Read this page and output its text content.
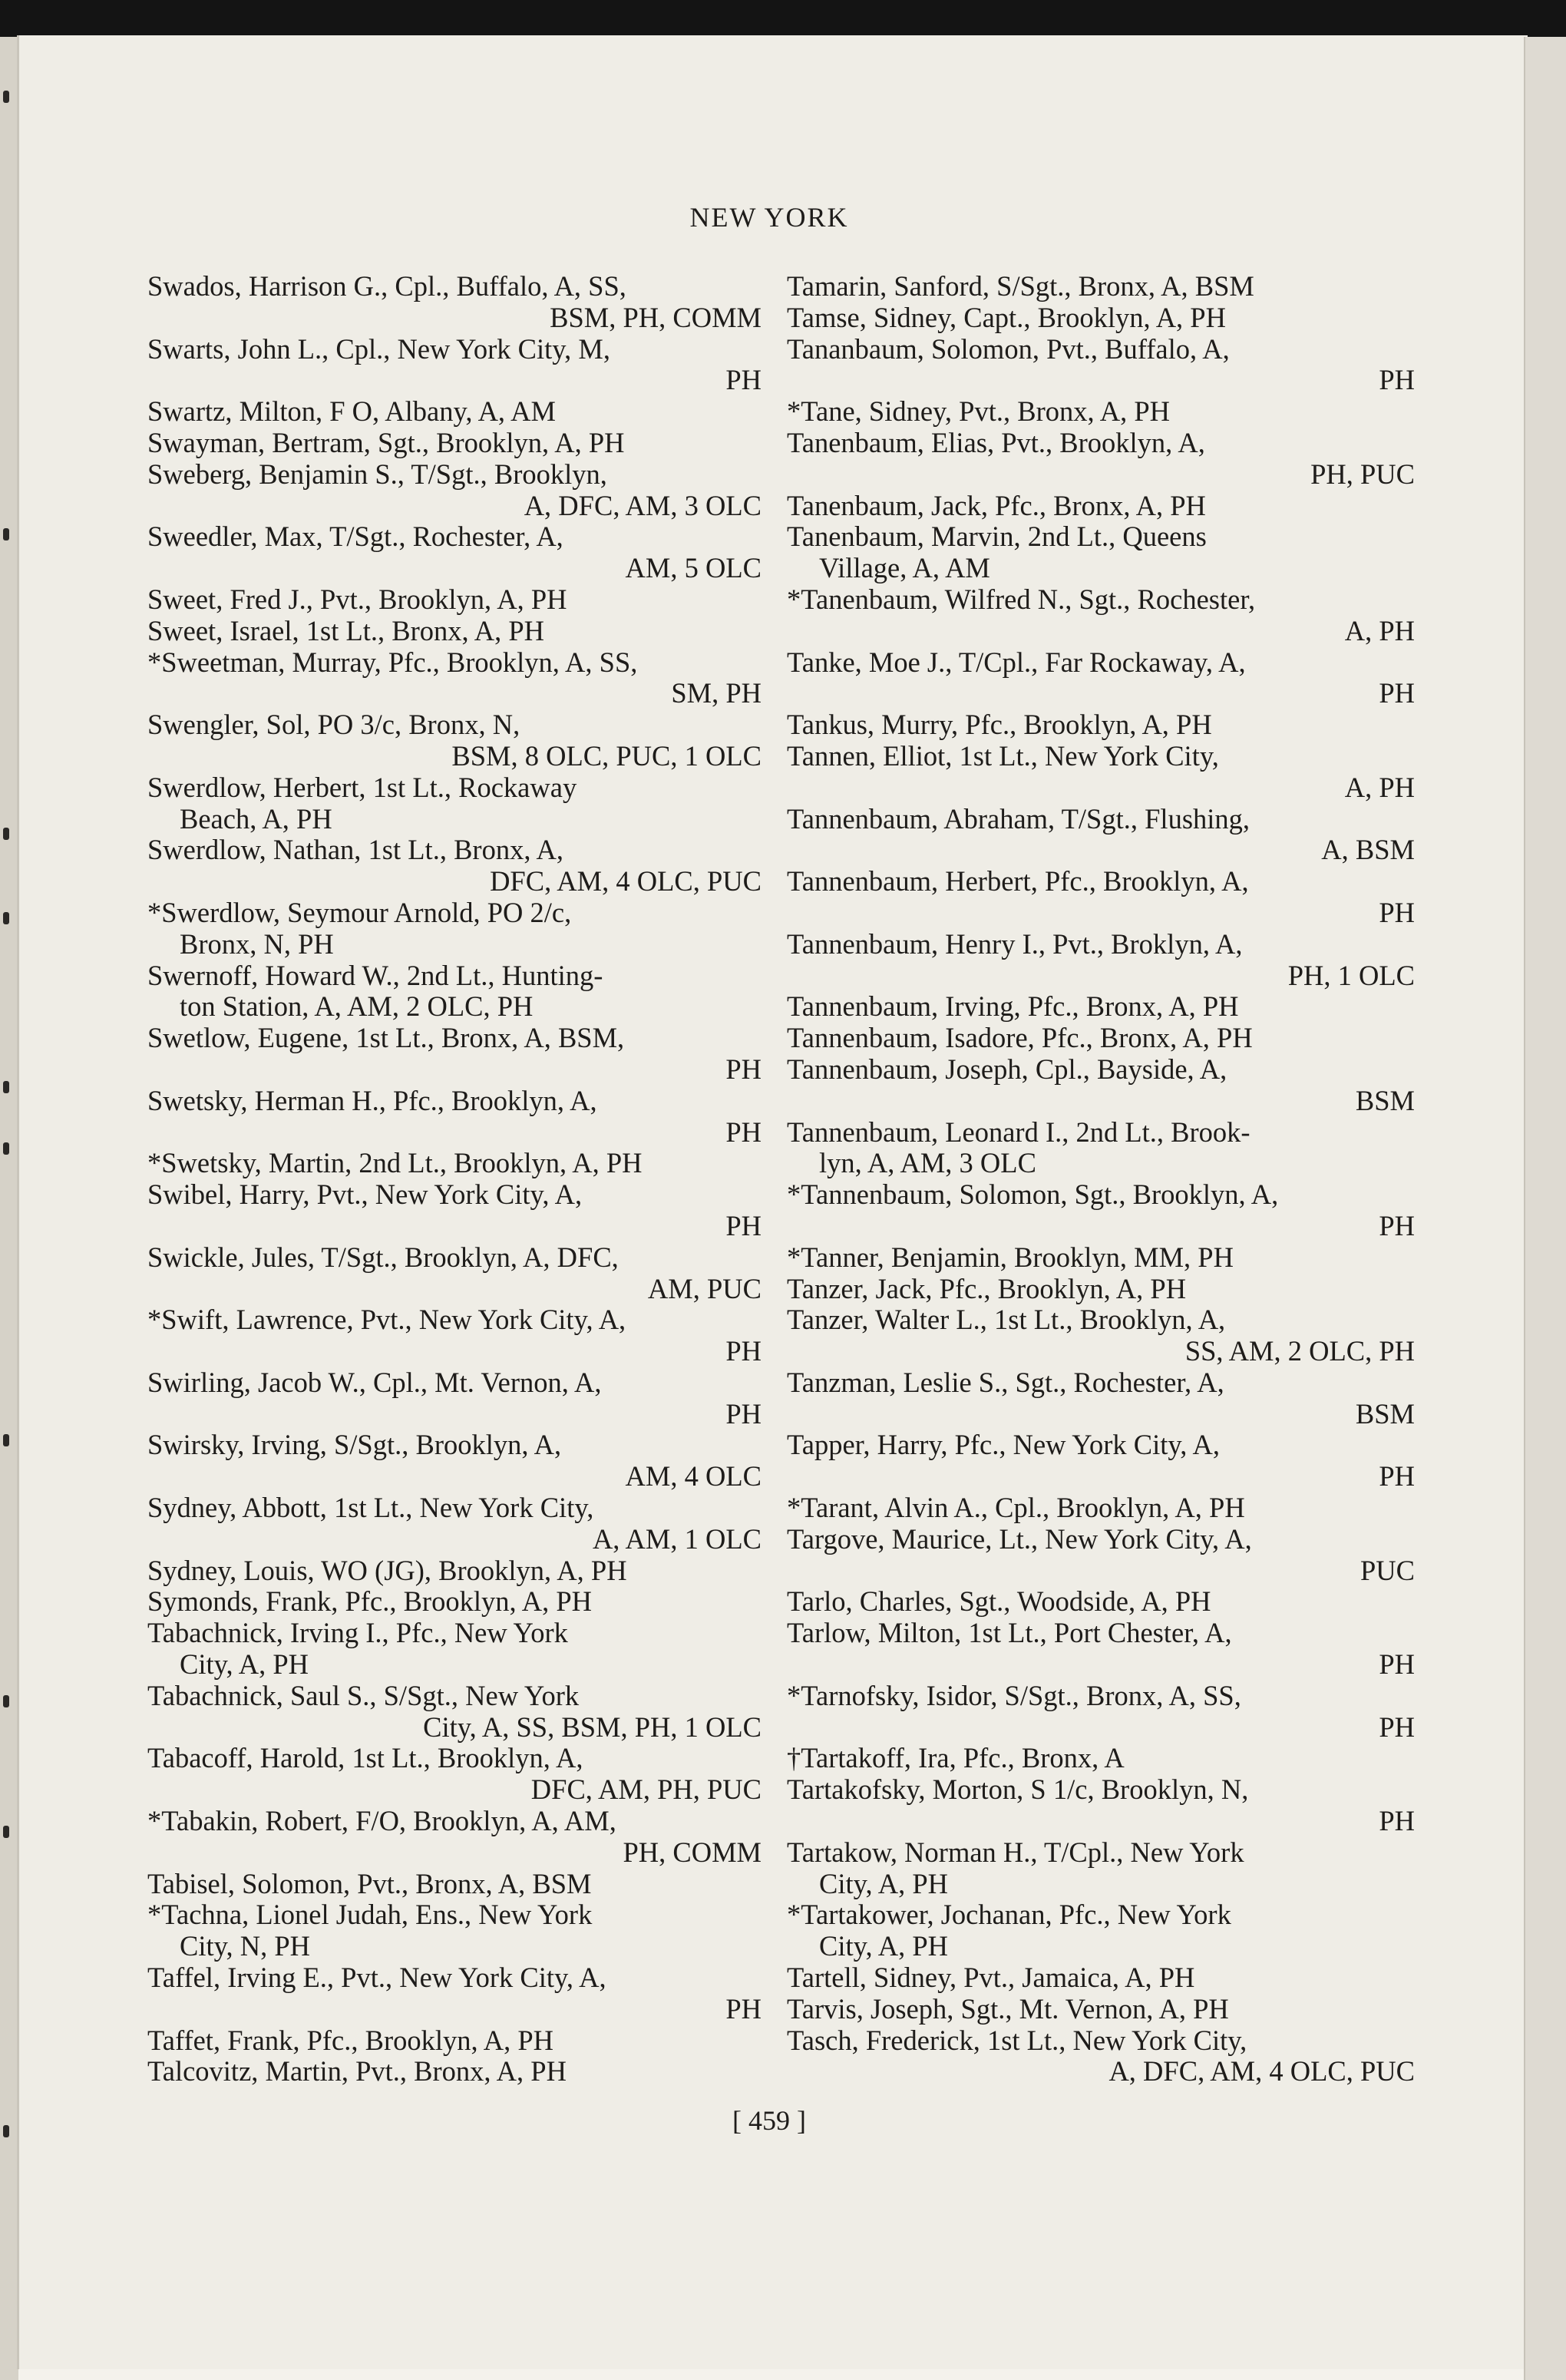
NEW YORK
Swados, Harrison G., Cpl., Buffalo, A, SS,
BSM, PH, COMM
Swarts, John L., Cpl., New York City, M,
PH
Swartz, Milton, F O, Albany, A, AM
Swayman, Bertram, Sgt., Brooklyn, A, PH
Sweberg, Benjamin S., T/Sgt., Brooklyn,
A, DFC, AM, 3 OLC
Sweedler, Max, T/Sgt., Rochester, A,
AM, 5 OLC
Sweet, Fred J., Pvt., Brooklyn, A, PH
Sweet, Israel, 1st Lt., Bronx, A, PH
*Sweetman, Murray, Pfc., Brooklyn, A, SS,
SM, PH
Swengler, Sol, PO 3/c, Bronx, N,
BSM, 8 OLC, PUC, 1 OLC
Swerdlow, Herbert, 1st Lt., Rockaway
Beach, A, PH
Swerdlow, Nathan, 1st Lt., Bronx, A,
DFC, AM, 4 OLC, PUC
*Swerdlow, Seymour Arnold, PO 2/c,
Bronx, N, PH
Swernoff, Howard W., 2nd Lt., Hunting-
ton Station, A, AM, 2 OLC, PH
Swetlow, Eugene, 1st Lt., Bronx, A, BSM,
PH
Swetsky, Herman H., Pfc., Brooklyn, A,
PH
*Swetsky, Martin, 2nd Lt., Brooklyn, A, PH
Swibel, Harry, Pvt., New York City, A,
PH
Swickle, Jules, T/Sgt., Brooklyn, A, DFC,
AM, PUC
*Swift, Lawrence, Pvt., New York City, A,
PH
Swirling, Jacob W., Cpl., Mt. Vernon, A,
PH
Swirsky, Irving, S/Sgt., Brooklyn, A,
AM, 4 OLC
Sydney, Abbott, 1st Lt., New York City,
A, AM, 1 OLC
Sydney, Louis, WO (JG), Brooklyn, A, PH
Symonds, Frank, Pfc., Brooklyn, A, PH
Tabachnick, Irving I., Pfc., New York
City, A, PH
Tabachnick, Saul S., S/Sgt., New York
City, A, SS, BSM, PH, 1 OLC
Tabacoff, Harold, 1st Lt., Brooklyn, A,
DFC, AM, PH, PUC
*Tabakin, Robert, F/O, Brooklyn, A, AM,
PH, COMM
Tabisel, Solomon, Pvt., Bronx, A, BSM
*Tachna, Lionel Judah, Ens., New York
City, N, PH
Taffel, Irving E., Pvt., New York City, A,
PH
Taffet, Frank, Pfc., Brooklyn, A, PH
Talcovitz, Martin, Pvt., Bronx, A, PH
Tamarin, Sanford, S/Sgt., Bronx, A, BSM
Tamse, Sidney, Capt., Brooklyn, A, PH
Tananbaum, Solomon, Pvt., Buffalo, A,
PH
*Tane, Sidney, Pvt., Bronx, A, PH
Tanenbaum, Elias, Pvt., Brooklyn, A,
PH, PUC
Tanenbaum, Jack, Pfc., Bronx, A, PH
Tanenbaum, Marvin, 2nd Lt., Queens
Village, A, AM
*Tanenbaum, Wilfred N., Sgt., Rochester,
A, PH
Tanke, Moe J., T/Cpl., Far Rockaway, A,
PH
Tankus, Murry, Pfc., Brooklyn, A, PH
Tannen, Elliot, 1st Lt., New York City,
A, PH
Tannenbaum, Abraham, T/Sgt., Flushing,
A, BSM
Tannenbaum, Herbert, Pfc., Brooklyn, A,
PH
Tannenbaum, Henry I., Pvt., Broklyn, A,
PH, 1 OLC
Tannenbaum, Irving, Pfc., Bronx, A, PH
Tannenbaum, Isadore, Pfc., Bronx, A, PH
Tannenbaum, Joseph, Cpl., Bayside, A,
BSM
Tannenbaum, Leonard I., 2nd Lt., Brook-
lyn, A, AM, 3 OLC
*Tannenbaum, Solomon, Sgt., Brooklyn, A,
PH
*Tanner, Benjamin, Brooklyn, MM, PH
Tanzer, Jack, Pfc., Brooklyn, A, PH
Tanzer, Walter L., 1st Lt., Brooklyn, A,
SS, AM, 2 OLC, PH
Tanzman, Leslie S., Sgt., Rochester, A,
BSM
Tapper, Harry, Pfc., New York City, A,
PH
*Tarant, Alvin A., Cpl., Brooklyn, A, PH
Targove, Maurice, Lt., New York City, A,
PUC
Tarlo, Charles, Sgt., Woodside, A, PH
Tarlow, Milton, 1st Lt., Port Chester, A,
PH
*Tarnofsky, Isidor, S/Sgt., Bronx, A, SS,
PH
†Tartakoff, Ira, Pfc., Bronx, A
Tartakofsky, Morton, S 1/c, Brooklyn, N,
PH
Tartakow, Norman H., T/Cpl., New York
City, A, PH
*Tartakower, Jochanan, Pfc., New York
City, A, PH
Tartell, Sidney, Pvt., Jamaica, A, PH
Tarvis, Joseph, Sgt., Mt. Vernon, A, PH
Tasch, Frederick, 1st Lt., New York City,
A, DFC, AM, 4 OLC, PUC
[ 459 ]
